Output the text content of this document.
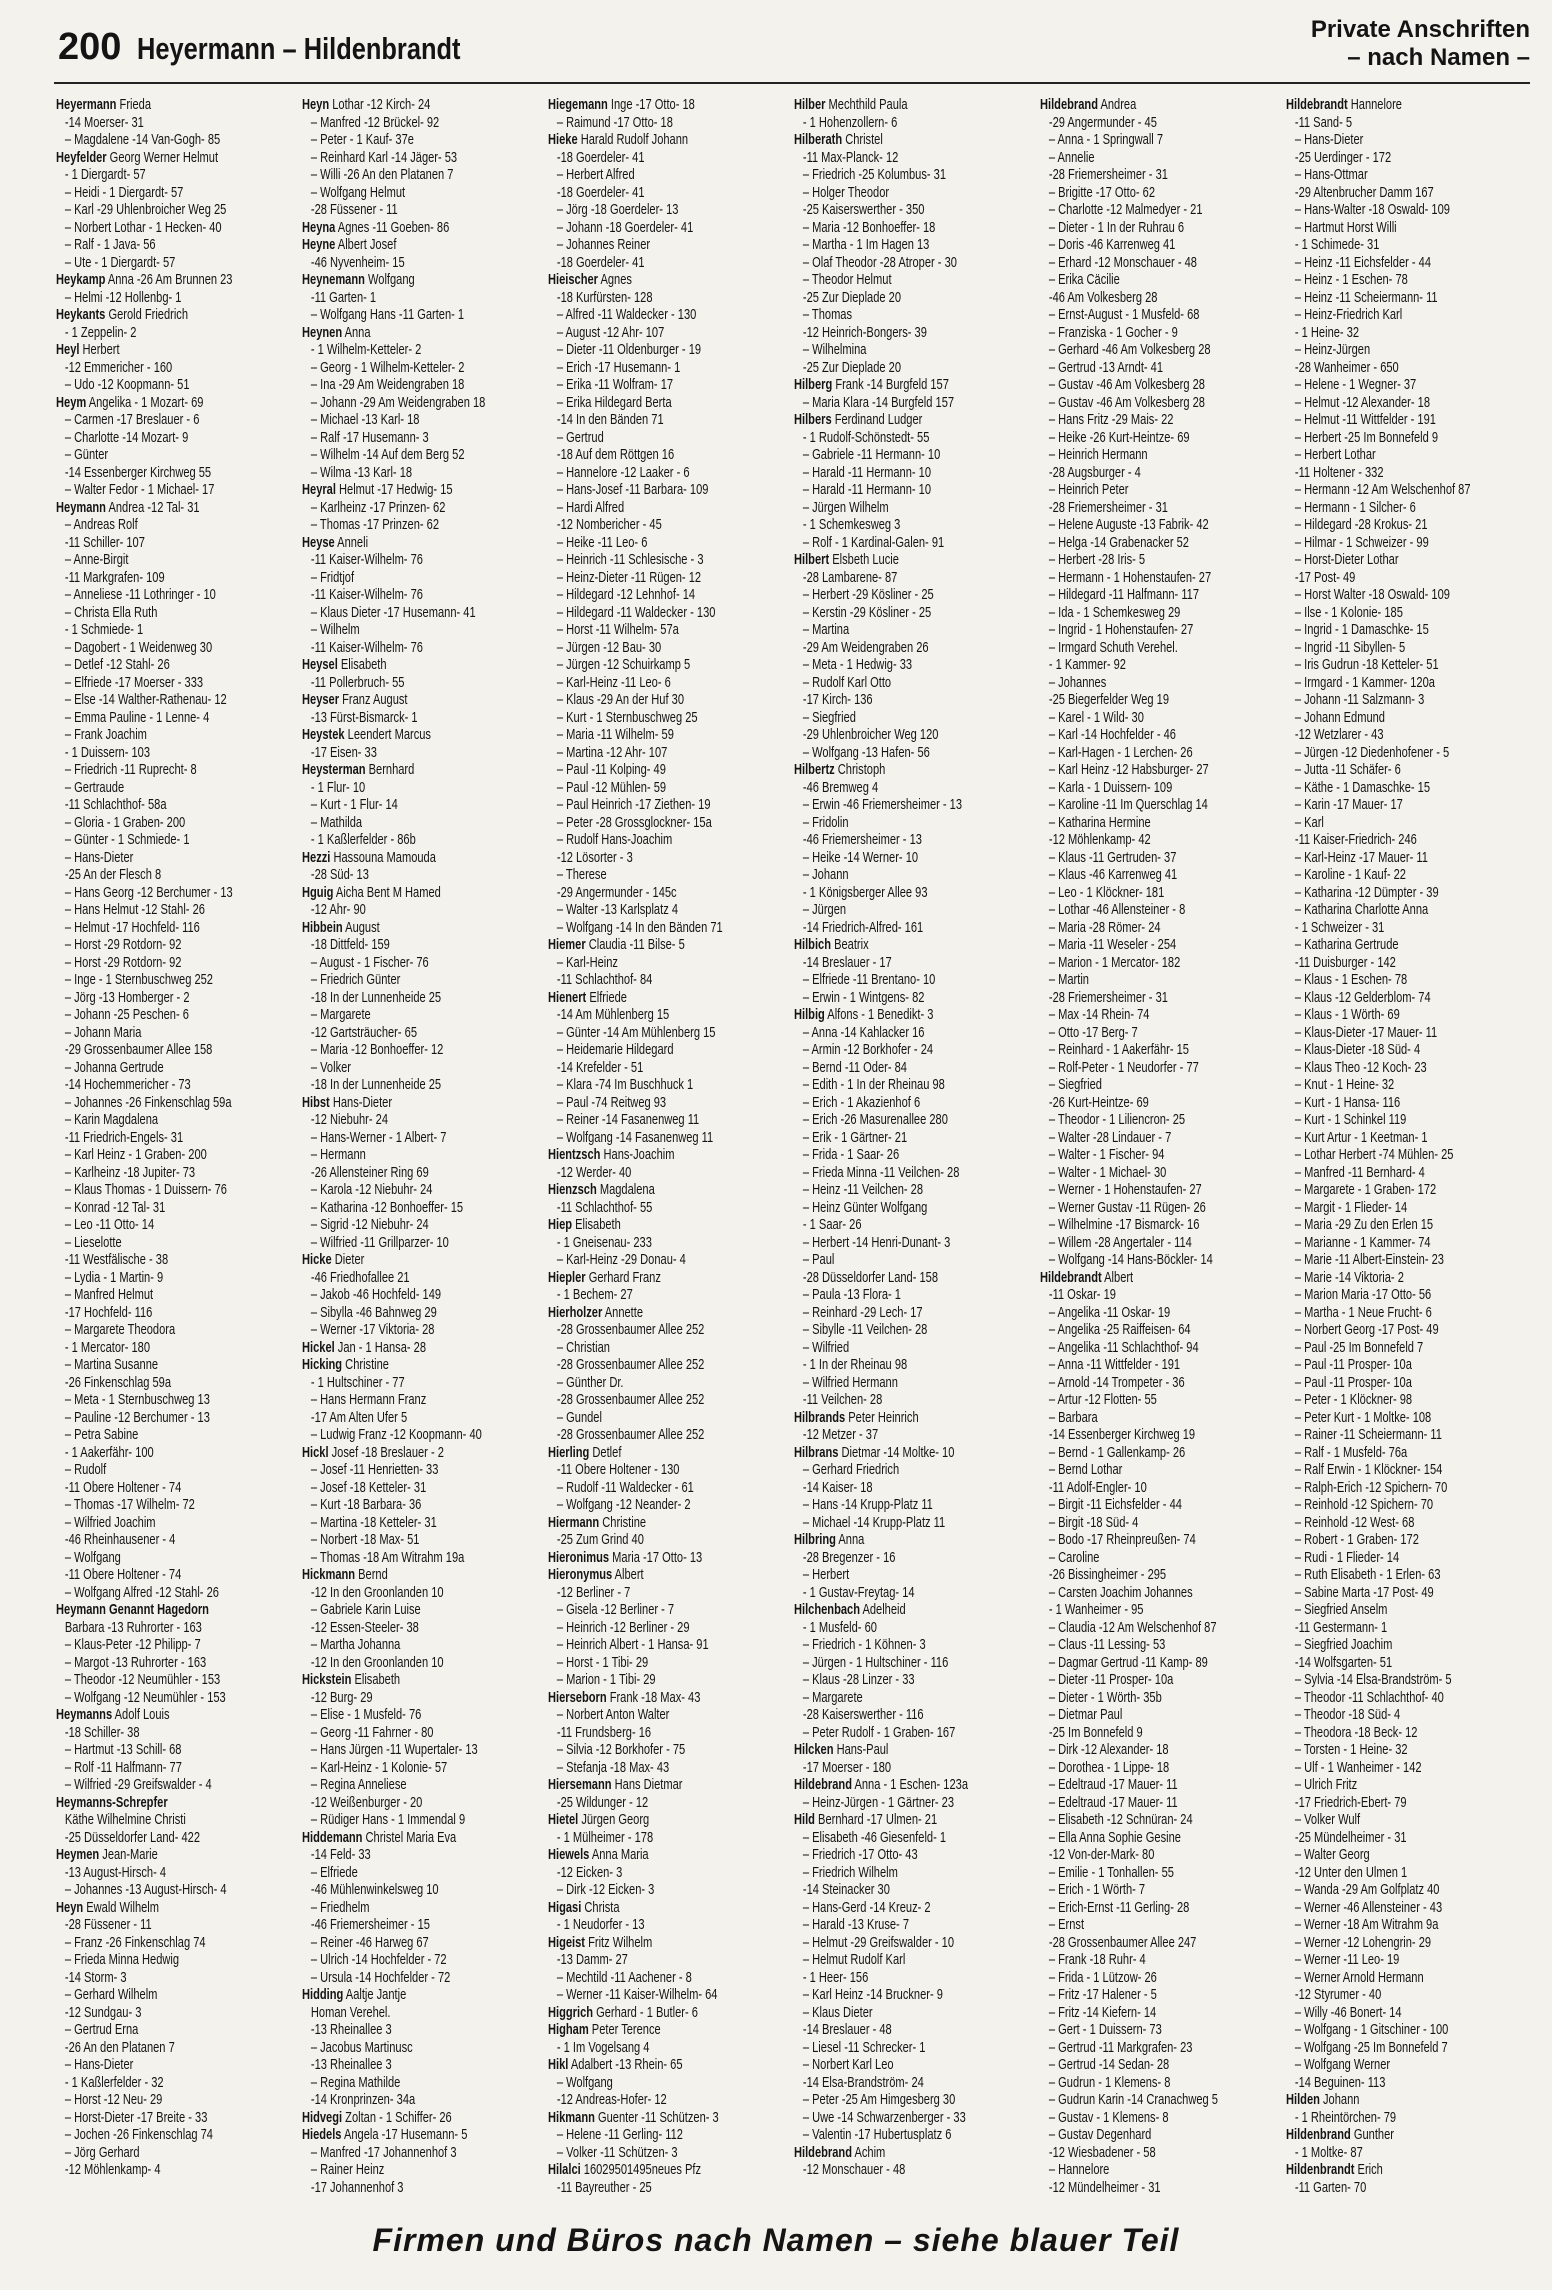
200 Heyermann – Hildenbrandt
Private Anschriften
– nach Namen –
Heyermann Frieda
-14 Moerser- 31
– Magdalene -14 Van-Gogh- 85
Heyfelder Georg Werner Helmut
- 1 Diergardt- 57
– Heidi - 1 Diergardt- 57
– Karl -29 Uhlenbroicher Weg 25
– Norbert Lothar - 1 Hecken- 40
– Ralf - 1 Java- 56
– Ute - 1 Diergardt- 57
Heykamp Anna -26 Am Brunnen 23
– Helmi -12 Hollenbg- 1
Heykants Gerold Friedrich
- 1 Zeppelin- 2
Heyl Herbert
-12 Emmericher - 160
– Udo -12 Koopmann- 51
Heym Angelika - 1 Mozart- 69
– Carmen -17 Breslauer - 6
– Charlotte -14 Mozart- 9
– Günter
-14 Essenberger Kirchweg 55
– Walter Fedor - 1 Michael- 17
Heymann Andrea -12 Tal- 31
– Andreas Rolf
-11 Schiller- 107
– Anne-Birgit
-11 Markgrafen- 109
– Anneliese -11 Lothringer - 10
– Christa Ella Ruth
- 1 Schmiede- 1
– Dagobert - 1 Weidenweg 30
– Detlef -12 Stahl- 26
– Elfriede -17 Moerser - 333
– Else -14 Walther-Rathenau- 12
– Emma Pauline - 1 Lenne- 4
– Frank Joachim
- 1 Duissern- 103
– Friedrich -11 Ruprecht- 8
– Gertraude
-11 Schlachthof- 58a
– Gloria - 1 Graben- 200
– Günter - 1 Schmiede- 1
– Hans-Dieter
-25 An der Flesch 8
– Hans Georg -12 Berchumer - 13
– Hans Helmut -12 Stahl- 26
– Helmut -17 Hochfeld- 116
– Horst -29 Rotdorn- 92
– Horst -29 Rotdorn- 92
– Inge - 1 Sternbuschweg 252
– Jörg -13 Homberger - 2
– Johann -25 Peschen- 6
– Johann Maria
-29 Grossenbaumer Allee 158
– Johanna Gertrude
-14 Hochemmericher - 73
– Johannes -26 Finkenschlag 59a
– Karin Magdalena
-11 Friedrich-Engels- 31
– Karl Heinz - 1 Graben- 200
– Karlheinz -18 Jupiter- 73
– Klaus Thomas - 1 Duissern- 76
– Konrad -12 Tal- 31
– Leo -11 Otto- 14
– Lieselotte
-11 Westfälische - 38
– Lydia - 1 Martin- 9
– Manfred Helmut
-17 Hochfeld- 116
– Margarete Theodora
- 1 Mercator- 180
– Martina Susanne
-26 Finkenschlag 59a
– Meta - 1 Sternbuschweg 13
– Pauline -12 Berchumer - 13
– Petra Sabine
- 1 Aakerfähr- 100
– Rudolf
-11 Obere Holtener - 74
– Thomas -17 Wilhelm- 72
– Wilfried Joachim
-46 Rheinhausener - 4
– Wolfgang
-11 Obere Holtener - 74
– Wolfgang Alfred -12 Stahl- 26
Heymann Genannt Hagedorn
Barbara -13 Ruhrorter - 163
– Klaus-Peter -12 Philipp- 7
– Margot -13 Ruhrorter - 163
– Theodor -12 Neumühler - 153
– Wolfgang -12 Neumühler - 153
Heymanns Adolf Louis
-18 Schiller- 38
– Hartmut -13 Schill- 68
– Rolf -11 Halfmann- 77
– Wilfried -29 Greifswalder - 4
Heymanns-Schrepfer
Käthe Wilhelmine Christi
-25 Düsseldorfer Land- 422
Heymen Jean-Marie
-13 August-Hirsch- 4
– Johannes -13 August-Hirsch- 4
Heyn Ewald Wilhelm
-28 Füssener - 11
– Franz -26 Finkenschlag 74
– Frieda Minna Hedwig
-14 Storm- 3
– Gerhard Wilhelm
-12 Sundgau- 3
– Gertrud Erna
-26 An den Platanen 7
– Hans-Dieter
- 1 Kaßlerfelder - 32
– Horst -12 Neu- 29
– Horst-Dieter -17 Breite - 33
– Jochen -26 Finkenschlag 74
– Jörg Gerhard
-12 Möhlenkamp- 4
Heyn Lothar -12 Kirch- 24
– Manfred -12 Brückel- 92
– Peter - 1 Kauf- 37e
– Reinhard Karl -14 Jäger- 53
– Willi -26 An den Platanen 7
– Wolfgang Helmut
-28 Füssener - 11
Heyna Agnes -11 Goeben- 86
Heyne Albert Josef
-46 Nyvenheim- 15
Heynemann Wolfgang
-11 Garten- 1
– Wolfgang Hans -11 Garten- 1
Heynen Anna
- 1 Wilhelm-Ketteler- 2
– Georg - 1 Wilhelm-Ketteler- 2
– Ina -29 Am Weidengraben 18
– Johann -29 Am Weidengraben 18
– Michael -13 Karl- 18
– Ralf -17 Husemann- 3
– Wilhelm -14 Auf dem Berg 52
– Wilma -13 Karl- 18
Heyral Helmut -17 Hedwig- 15
– Karlheinz -17 Prinzen- 62
– Thomas -17 Prinzen- 62
Heyse Anneli
-11 Kaiser-Wilhelm- 76
– Fridtjof
-11 Kaiser-Wilhelm- 76
– Klaus Dieter -17 Husemann- 41
– Wilhelm
-11 Kaiser-Wilhelm- 76
Heysel Elisabeth
-11 Pollerbruch- 55
Heyser Franz August
-13 Fürst-Bismarck- 1
Heystek Leendert Marcus
-17 Eisen- 33
Heysterman Bernhard
- 1 Flur- 10
– Kurt - 1 Flur- 14
– Mathilda
- 1 Kaßlerfelder - 86b
Hezzi Hassouna Mamouda
-28 Süd- 13
Hguig Aicha Bent M Hamed
-12 Ahr- 90
Hibbein August
-18 Dittfeld- 159
– August - 1 Fischer- 76
– Friedrich Günter
-18 In der Lunnenheide 25
– Margarete
-12 Gartsträucher- 65
– Maria -12 Bonhoeffer- 12
– Volker
-18 In der Lunnenheide 25
Hibst Hans-Dieter
-12 Niebuhr- 24
– Hans-Werner - 1 Albert- 7
– Hermann
-26 Allensteiner Ring 69
– Karola -12 Niebuhr- 24
– Katharina -12 Bonhoeffer- 15
– Sigrid -12 Niebuhr- 24
– Wilfried -11 Grillparzer- 10
Hicke Dieter
-46 Friedhofallee 21
– Jakob -46 Hochfeld- 149
– Sibylla -46 Bahnweg 29
– Werner -17 Viktoria- 28
Hickel Jan - 1 Hansa- 28
Hicking Christine
- 1 Hultschiner - 77
– Hans Hermann Franz
-17 Am Alten Ufer 5
– Ludwig Franz -12 Koopmann- 40
Hickl Josef -18 Breslauer - 2
– Josef -11 Henrietten- 33
– Josef -18 Ketteler- 31
– Kurt -18 Barbara- 36
– Martina -18 Ketteler- 31
– Norbert -18 Max- 51
– Thomas -18 Am Witrahm 19a
Hickmann Bernd
-12 In den Groonlanden 10
– Gabriele Karin Luise
-12 Essen-Steeler- 38
– Martha Johanna
-12 In den Groonlanden 10
Hickstein Elisabeth
-12 Burg- 29
– Elise - 1 Musfeld- 76
– Georg -11 Fahrner - 80
– Hans Jürgen -11 Wupertaler- 13
– Karl-Heinz - 1 Kolonie- 57
– Regina Anneliese
-12 Weißenburger - 20
– Rüdiger Hans - 1 Immendal 9
Hiddemann Christel Maria Eva
-14 Feld- 33
– Elfriede
-46 Mühlenwinkelsweg 10
– Friedhelm
-46 Friemersheimer - 15
– Reiner -46 Harweg 67
– Ulrich -14 Hochfelder - 72
– Ursula -14 Hochfelder - 72
Hidding Aaltje Jantje
Homan Verehel.
-13 Rheinallee 3
– Jacobus Martinusc
-13 Rheinallee 3
– Regina Mathilde
-14 Kronprinzen- 34a
Hidvegi Zoltan - 1 Schiffer- 26
Hiedels Angela -17 Husemann- 5
– Manfred -17 Johannenhof 3
– Rainer Heinz
-17 Johannenhof 3
Hiegemann Inge -17 Otto- 18
– Raimund -17 Otto- 18
Hieke Harald Rudolf Johann
-18 Goerdeler- 41
– Herbert Alfred
-18 Goerdeler- 41
– Jörg -18 Goerdeler- 13
– Johann -18 Goerdeler- 41
– Johannes Reiner
-18 Goerdeler- 41
Hieischer Agnes
-18 Kurfürsten- 128
– Alfred -11 Waldecker - 130
– August -12 Ahr- 107
– Dieter -11 Oldenburger - 19
– Erich -17 Husemann- 1
– Erika -11 Wolfram- 17
– Erika Hildegard Berta
-14 In den Bänden 71
– Gertrud
-18 Auf dem Röttgen 16
– Hannelore -12 Laaker - 6
– Hans-Josef -11 Barbara- 109
– Hardi Alfred
-12 Nombericher - 45
– Heike -11 Leo- 6
– Heinrich -11 Schlesische - 3
– Heinz-Dieter -11 Rügen- 12
– Hildegard -12 Lehnhof- 14
– Hildegard -11 Waldecker - 130
– Horst -11 Wilhelm- 57a
– Jürgen -12 Bau- 30
– Jürgen -12 Schuirkamp 5
– Karl-Heinz -11 Leo- 6
– Klaus -29 An der Huf 30
– Kurt - 1 Sternbuschweg 25
– Maria -11 Wilhelm- 59
– Martina -12 Ahr- 107
– Paul -11 Kolping- 49
– Paul -12 Mühlen- 59
– Paul Heinrich -17 Ziethen- 19
– Peter -28 Grossglockner- 15a
– Rudolf Hans-Joachim
-12 Lösorter - 3
– Therese
-29 Angermunder - 145c
– Walter -13 Karlsplatz 4
– Wolfgang -14 In den Bänden 71
Hiemer Claudia -11 Bilse- 5
– Karl-Heinz
-11 Schlachthof- 84
Hienert Elfriede
-14 Am Mühlenberg 15
– Günter -14 Am Mühlenberg 15
– Heidemarie Hildegard
-14 Krefelder - 51
– Klara -74 Im Buschhuck 1
– Paul -74 Reitweg 93
– Reiner -14 Fasanenweg 11
– Wolfgang -14 Fasanenweg 11
Hientzsch Hans-Joachim
-12 Werder- 40
Hienzsch Magdalena
-11 Schlachthof- 55
Hiep Elisabeth
- 1 Gneisenau- 233
– Karl-Heinz -29 Donau- 4
Hiepler Gerhard Franz
- 1 Bechem- 27
Hierholzer Annette
-28 Grossenbaumer Allee 252
– Christian
-28 Grossenbaumer Allee 252
– Günther Dr.
-28 Grossenbaumer Allee 252
– Gundel
-28 Grossenbaumer Allee 252
Hierling Detlef
-11 Obere Holtener - 130
– Rudolf -11 Waldecker - 61
– Wolfgang -12 Neander- 2
Hiermann Christine
-25 Zum Grind 40
Hieronimus Maria -17 Otto- 13
Hieronymus Albert
-12 Berliner - 7
– Gisela -12 Berliner - 7
– Heinrich -12 Berliner - 29
– Heinrich Albert - 1 Hansa- 91
– Horst - 1 Tibi- 29
– Marion - 1 Tibi- 29
Hierseborn Frank -18 Max- 43
– Norbert Anton Walter
-11 Frundsberg- 16
– Silvia -12 Borkhofer - 75
– Stefanja -18 Max- 43
Hiersemann Hans Dietmar
-25 Wildunger - 12
Hietel Jürgen Georg
- 1 Mülheimer - 178
Hiewels Anna Maria
-12 Eicken- 3
– Dirk -12 Eicken- 3
Higasi Christa
- 1 Neudorfer - 13
Higeist Fritz Wilhelm
-13 Damm- 27
– Mechtild -11 Aachener - 8
– Werner -11 Kaiser-Wilhelm- 64
Higgrich Gerhard - 1 Butler- 6
Higham Peter Terence
- 1 Im Vogelsang 4
Hikl Adalbert -13 Rhein- 65
– Wolfgang
-12 Andreas-Hofer- 12
Hikmann Guenter -11 Schützen- 3
– Helene -11 Gerling- 112
– Volker -11 Schützen- 3
Hilalci 16029501495neues Pfz
-11 Bayreuther - 25
Hilber Mechthild Paula
- 1 Hohenzollern- 6
Hilberath Christel
-11 Max-Planck- 12
– Friedrich -25 Kolumbus- 31
– Holger Theodor
-25 Kaiserswerther - 350
– Maria -12 Bonhoeffer- 18
– Martha - 1 Im Hagen 13
– Olaf Theodor -28 Atroper - 30
– Theodor Helmut
-25 Zur Dieplade 20
– Thomas
-12 Heinrich-Bongers- 39
– Wilhelmina
-25 Zur Dieplade 20
Hilberg Frank -14 Burgfeld 157
– Maria Klara -14 Burgfeld 157
Hilbers Ferdinand Ludger
- 1 Rudolf-Schönstedt- 55
– Gabriele -11 Hermann- 10
– Harald -11 Hermann- 10
– Harald -11 Hermann- 10
– Jürgen Wilhelm
- 1 Schemkesweg 3
– Rolf - 1 Kardinal-Galen- 91
Hilbert Elsbeth Lucie
-28 Lambarene- 87
– Herbert -29 Kösliner - 25
– Kerstin -29 Kösliner - 25
– Martina
-29 Am Weidengraben 26
– Meta - 1 Hedwig- 33
– Rudolf Karl Otto
-17 Kirch- 136
– Siegfried
-29 Uhlenbroicher Weg 120
– Wolfgang -13 Hafen- 56
Hilbertz Christoph
-46 Bremweg 4
– Erwin -46 Friemersheimer - 13
– Fridolin
-46 Friemersheimer - 13
– Heike -14 Werner- 10
– Johann
- 1 Königsberger Allee 93
– Jürgen
-14 Friedrich-Alfred- 161
Hilbich Beatrix
-14 Breslauer - 17
– Elfriede -11 Brentano- 10
– Erwin - 1 Wintgens- 82
Hilbig Alfons - 1 Benedikt- 3
– Anna -14 Kahlacker 16
– Armin -12 Borkhofer - 24
– Bernd -11 Oder- 84
– Edith - 1 In der Rheinau 98
– Erich - 1 Akazienhof 6
– Erich -26 Masurenallee 280
– Erik - 1 Gärtner- 21
– Frida - 1 Saar- 26
– Frieda Minna -11 Veilchen- 28
– Heinz -11 Veilchen- 28
– Heinz Günter Wolfgang
- 1 Saar- 26
– Herbert -14 Henri-Dunant- 3
– Paul
-28 Düsseldorfer Land- 158
– Paula -13 Flora- 1
– Reinhard -29 Lech- 17
– Sibylle -11 Veilchen- 28
– Wilfried
- 1 In der Rheinau 98
– Wilfried Hermann
-11 Veilchen- 28
Hilbrands Peter Heinrich
-12 Metzer - 37
Hilbrans Dietmar -14 Moltke- 10
– Gerhard Friedrich
-14 Kaiser- 18
– Hans -14 Krupp-Platz 11
– Michael -14 Krupp-Platz 11
Hilbring Anna
-28 Bregenzer - 16
– Herbert
- 1 Gustav-Freytag- 14
Hilchenbach Adelheid
- 1 Musfeld- 60
– Friedrich - 1 Köhnen- 3
– Jürgen - 1 Hultschiner - 116
– Klaus -28 Linzer - 33
– Margarete
-28 Kaiserswerther - 116
– Peter Rudolf - 1 Graben- 167
Hilcken Hans-Paul
-17 Moerser - 180
Hildebrand Anna - 1 Eschen- 123a
– Heinz-Jürgen - 1 Gärtner- 23
Hild Bernhard -17 Ulmen- 21
– Elisabeth -46 Giesenfeld- 1
– Friedrich -17 Otto- 43
– Friedrich Wilhelm
-14 Steinacker 30
– Hans-Gerd -14 Kreuz- 2
– Harald -13 Kruse- 7
– Helmut -29 Greifswalder - 10
– Helmut Rudolf Karl
- 1 Heer- 156
– Karl Heinz -14 Bruckner- 9
– Klaus Dieter
-14 Breslauer - 48
– Liesel -11 Schrecker- 1
– Norbert Karl Leo
-14 Elsa-Brandström- 24
– Peter -25 Am Himgesberg 30
– Uwe -14 Schwarzenberger - 33
– Valentin -17 Hubertusplatz 6
Hildebrand Achim
-12 Monschauer - 48
Hildebrand Andrea
-29 Angermunder - 45
– Anna - 1 Springwall 7
– Annelie
-28 Friemersheimer - 31
– Brigitte -17 Otto- 62
– Charlotte -12 Malmedyer - 21
– Dieter - 1 In der Ruhrau 6
– Doris -46 Karrenweg 41
– Erhard -12 Monschauer - 48
– Erika Cäcilie
-46 Am Volkesberg 28
– Ernst-August - 1 Musfeld- 68
– Franziska - 1 Gocher - 9
– Gerhard -46 Am Volkesberg 28
– Gertrud -13 Arndt- 41
– Gustav -46 Am Volkesberg 28
– Gustav -46 Am Volkesberg 28
– Hans Fritz -29 Mais- 22
– Heike -26 Kurt-Heintze- 69
– Heinrich Hermann
-28 Augsburger - 4
– Heinrich Peter
-28 Friemersheimer - 31
– Helene Auguste -13 Fabrik- 42
– Helga -14 Grabenacker 52
– Herbert -28 Iris- 5
– Hermann - 1 Hohenstaufen- 27
– Hildegard -11 Halfmann- 117
– Ida - 1 Schemkesweg 29
– Ingrid - 1 Hohenstaufen- 27
– Irmgard Schuth Verehel.
- 1 Kammer- 92
– Johannes
-25 Biegerfelder Weg 19
– Karel - 1 Wild- 30
– Karl -14 Hochfelder - 46
– Karl-Hagen - 1 Lerchen- 26
– Karl Heinz -12 Habsburger- 27
– Karla - 1 Duissern- 109
– Karoline -11 Im Querschlag 14
– Katharina Hermine
-12 Möhlenkamp- 42
– Klaus -11 Gertruden- 37
– Klaus -46 Karrenweg 41
– Leo - 1 Klöckner- 181
– Lothar -46 Allensteiner - 8
– Maria -28 Römer- 24
– Maria -11 Weseler - 254
– Marion - 1 Mercator- 182
– Martin
-28 Friemersheimer - 31
– Max -14 Rhein- 74
– Otto -17 Berg- 7
– Reinhard - 1 Aakerfähr- 15
– Rolf-Peter - 1 Neudorfer - 77
– Siegfried
-26 Kurt-Heintze- 69
– Theodor - 1 Liliencron- 25
– Walter -28 Lindauer - 7
– Walter - 1 Fischer- 94
– Walter - 1 Michael- 30
– Werner - 1 Hohenstaufen- 27
– Werner Gustav -11 Rügen- 26
– Wilhelmine -17 Bismarck- 16
– Willem -28 Angertaler - 114
– Wolfgang -14 Hans-Böckler- 14
Hildebrandt Albert
-11 Oskar- 19
– Angelika -11 Oskar- 19
– Angelika -25 Raiffeisen- 64
– Angelika -11 Schlachthof- 94
– Anna -11 Wittfelder - 191
– Arnold -14 Trompeter - 36
– Artur -12 Flotten- 55
– Barbara
-14 Essenberger Kirchweg 19
– Bernd - 1 Gallenkamp- 26
– Bernd Lothar
-11 Adolf-Engler- 10
– Birgit -11 Eichsfelder - 44
– Birgit -18 Süd- 4
– Bodo -17 Rheinpreußen- 74
– Caroline
-26 Bissingheimer - 295
– Carsten Joachim Johannes
- 1 Wanheimer - 95
– Claudia -12 Am Welschenhof 87
– Claus -11 Lessing- 53
– Dagmar Gertrud -11 Kamp- 89
– Dieter -11 Prosper- 10a
– Dieter - 1 Wörth- 35b
– Dietmar Paul
-25 Im Bonnefeld 9
– Dirk -12 Alexander- 18
– Dorothea - 1 Lippe- 18
– Edeltraud -17 Mauer- 11
– Edeltraud -17 Mauer- 11
– Elisabeth -12 Schnüran- 24
– Ella Anna Sophie Gesine
-12 Von-der-Mark- 80
– Emilie - 1 Tonhallen- 55
– Erich - 1 Wörth- 7
– Erich-Ernst -11 Gerling- 28
– Ernst
-28 Grossenbaumer Allee 247
– Frank -18 Ruhr- 4
– Frida - 1 Lützow- 26
– Fritz -17 Halener - 5
– Fritz -14 Kiefern- 14
– Gert - 1 Duissern- 73
– Gertrud -11 Markgrafen- 23
– Gertrud -14 Sedan- 28
– Gudrun - 1 Klemens- 8
– Gudrun Karin -14 Cranachweg 5
– Gustav - 1 Klemens- 8
– Gustav Degenhard
-12 Wiesbadener - 58
– Hannelore
-12 Mündelheimer - 31
Hildebrandt Hannelore
-11 Sand- 5
– Hans-Dieter
-25 Uerdinger - 172
– Hans-Ottmar
-29 Altenbrucher Damm 167
– Hans-Walter -18 Oswald- 109
– Hartmut Horst Willi
- 1 Schimede- 31
– Heinz -11 Eichsfelder - 44
– Heinz - 1 Eschen- 78
– Heinz -11 Scheiermann- 11
– Heinz-Friedrich Karl
- 1 Heine- 32
– Heinz-Jürgen
-28 Wanheimer - 650
– Helene - 1 Wegner- 37
– Helmut -12 Alexander- 18
– Helmut -11 Wittfelder - 191
– Herbert -25 Im Bonnefeld 9
– Herbert Lothar
-11 Holtener - 332
– Hermann -12 Am Welschenhof 87
– Hermann - 1 Silcher- 6
– Hildegard -28 Krokus- 21
– Hilmar - 1 Schweizer - 99
– Horst-Dieter Lothar
-17 Post- 49
– Horst Walter -18 Oswald- 109
– Ilse - 1 Kolonie- 185
– Ingrid - 1 Damaschke- 15
– Ingrid -11 Sibyllen- 5
– Iris Gudrun -18 Ketteler- 51
– Irmgard - 1 Kammer- 120a
– Johann -11 Salzmann- 3
– Johann Edmund
-12 Wetzlarer - 43
– Jürgen -12 Diedenhofener - 5
– Jutta -11 Schäfer- 6
– Käthe - 1 Damaschke- 15
– Karin -17 Mauer- 17
– Karl
-11 Kaiser-Friedrich- 246
– Karl-Heinz -17 Mauer- 11
– Karoline - 1 Kauf- 22
– Katharina -12 Dümpter - 39
– Katharina Charlotte Anna
- 1 Schweizer - 31
– Katharina Gertrude
-11 Duisburger - 142
– Klaus - 1 Eschen- 78
– Klaus -12 Gelderblom- 74
– Klaus - 1 Wörth- 69
– Klaus-Dieter -17 Mauer- 11
– Klaus-Dieter -18 Süd- 4
– Klaus Theo -12 Koch- 23
– Knut - 1 Heine- 32
– Kurt - 1 Hansa- 116
– Kurt - 1 Schinkel 119
– Kurt Artur - 1 Keetman- 1
– Lothar Herbert -74 Mühlen- 25
– Manfred -11 Bernhard- 4
– Margarete - 1 Graben- 172
– Margit - 1 Flieder- 14
– Maria -29 Zu den Erlen 15
– Marianne - 1 Kammer- 74
– Marie -11 Albert-Einstein- 23
– Marie -14 Viktoria- 2
– Marion Maria -17 Otto- 56
– Martha - 1 Neue Frucht- 6
– Norbert Georg -17 Post- 49
– Paul -25 Im Bonnefeld 7
– Paul -11 Prosper- 10a
– Paul -11 Prosper- 10a
– Peter - 1 Klöckner- 98
– Peter Kurt - 1 Moltke- 108
– Rainer -11 Scheiermann- 11
– Ralf - 1 Musfeld- 76a
– Ralf Erwin - 1 Klöckner- 154
– Ralph-Erich -12 Spichern- 70
– Reinhold -12 Spichern- 70
– Reinhold -12 West- 68
– Robert - 1 Graben- 172
– Rudi - 1 Flieder- 14
– Ruth Elisabeth - 1 Erlen- 63
– Sabine Marta -17 Post- 49
– Siegfried Anselm
-11 Gestermann- 1
– Siegfried Joachim
-14 Wolfsgarten- 51
– Sylvia -14 Elsa-Brandström- 5
– Theodor -11 Schlachthof- 40
– Theodor -18 Süd- 4
– Theodora -18 Beck- 12
– Torsten - 1 Heine- 32
– Ulf - 1 Wanheimer - 142
– Ulrich Fritz
-17 Friedrich-Ebert- 79
– Volker Wulf
-25 Mündelheimer - 31
– Walter Georg
-12 Unter den Ulmen 1
– Wanda -29 Am Golfplatz 40
– Werner -46 Allensteiner - 43
– Werner -18 Am Witrahm 9a
– Werner -12 Lohengrin- 29
– Werner -11 Leo- 19
– Werner Arnold Hermann
-12 Styrumer - 40
– Willy -46 Bonert- 14
– Wolfgang - 1 Gitschiner - 100
– Wolfgang -25 Im Bonnefeld 7
– Wolfgang Werner
-14 Beguinen- 113
Hilden Johann
- 1 Rheintörchen- 79
Hildenbrand Gunther
- 1 Moltke- 87
Hildenbrandt Erich
-11 Garten- 70
Firmen und Büros nach Namen – siehe blauer Teil
